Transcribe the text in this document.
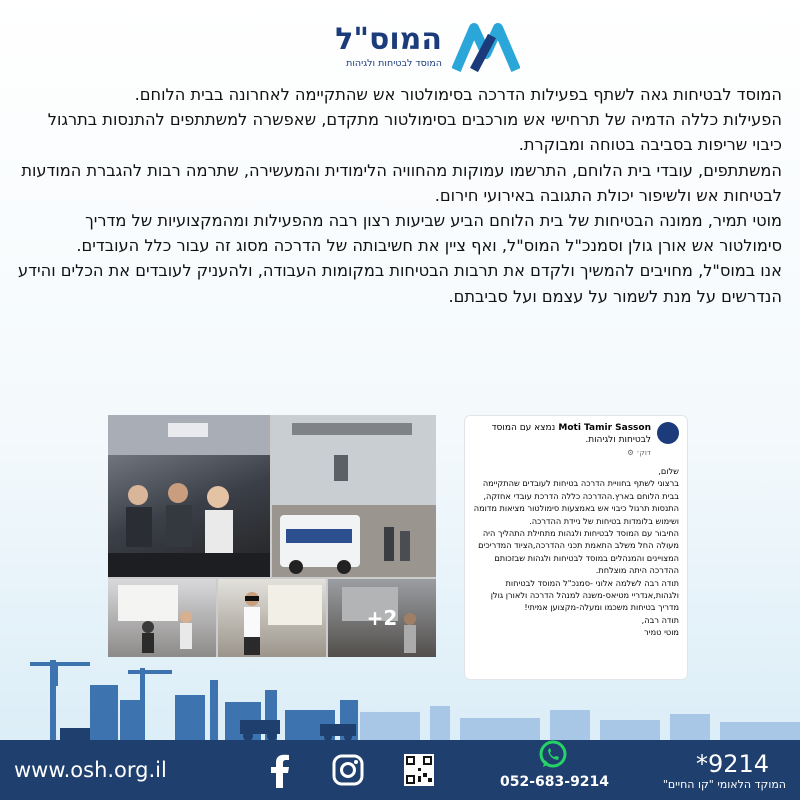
המוס"ל
המוסד לבטיחות ולגיהות

המוסד לבטיחות גאה לשתף בפעילות הדרכה בסימולטור אש שהתקיימה לאחרונה בבית הלוחם.

הפעילות כללה הדמיה של תרחישי אש מורכבים בסימולטור מתקדם, שאפשרה למשתתפים להתנסות בתרגול כיבוי שריפות בסביבה בטוחה ומבוקרת.

המשתתפים, עובדי בית הלוחם, התרשמו עמוקות מהחוויה הלימודית והמעשירה, שתרמה רבות להגברת המודעות לבטיחות אש ולשיפור יכולת התגובה באירועי חירום.

מוטי תמיר, ממונה הבטיחות של בית הלוחם הביע שביעות רצון רבה מהפעילות ומהמקצועיות של מדריך סימולטור אש אורן גולן וסמנכ"ל המוס"ל, ואף ציין את חשיבותה של הדרכה מסוג זה עבור כלל העובדים.

אנו במוס"ל, מחויבים להמשיך ולקדם את תרבות הבטיחות במקומות העבודה, ולהעניק לעובדים את הכלים והידע הנדרשים על מנת לשמור על עצמם ועל סביבתם.

+2
Moti Tamir Sasson נמצא עם המוסד לבטיחות ולגיהות.
דוק׳ ⚙

שלום,

ברצוני לשתף בחוויית הדרכה בטיחות לעובדים שהתקיימה בבית הלוחם בארץ.ההדרכה כללה הדרכת עובדי אחזקה, התנסות תרגול כיבוי אש באמצעות סימולטור מציאות מדומה ושימוש בלומדות בטיחות של ניידת ההדרכה.

החיבור עם המוסד לבטיחות ולגהות מתחילת התהליך היה מעולה החל משלב התאמת תכני ההדרכה,הציוד המדריכים המצויינים והמנהלים במוסד לבטיחות ולגהות שבזכותם ההדרכה היתה מוצלחת.

תודה רבה לשלמה אלוני -סמנכ"ל המוסד לבטיחות ולגהות,אנדריי מטיאס-משנה למנהל הדרכה ולאורן גולן מדריך בטיחות משכמו ומעלה-מקצוען אמיתי!

תודה רבה,

מוטי טמיר

www.osh.org.il	052-683-9214
*9214
המוקד הלאומי "קו החיים"
